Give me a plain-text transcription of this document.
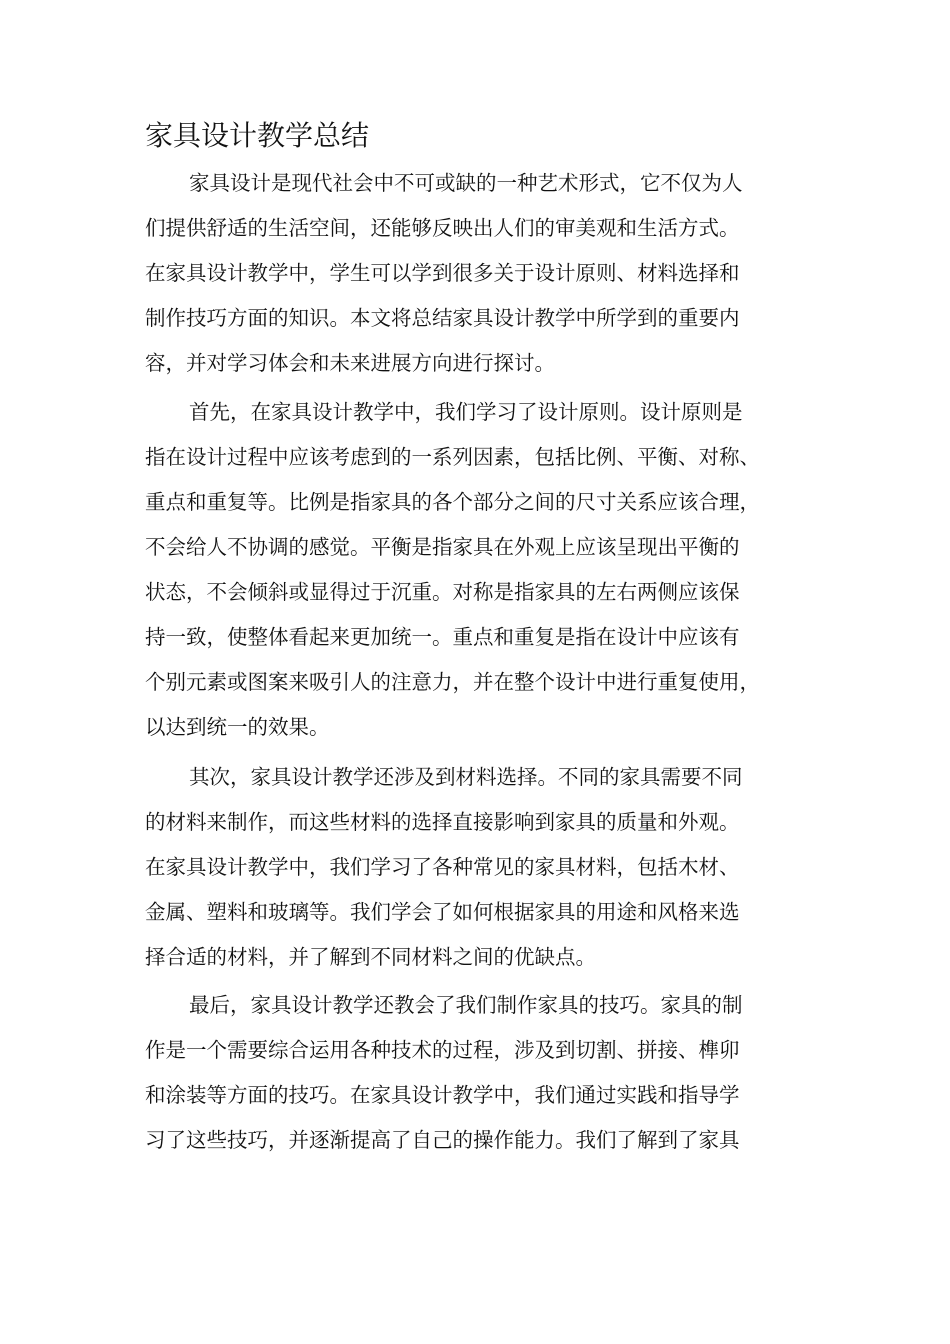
家具设计教学总结
家具设计是现代社会中不可或缺的一种艺术形式，它不仅为人
们提供舒适的生活空间，还能够反映出人们的审美观和生活方式。
在家具设计教学中，学生可以学到很多关于设计原则、材料选择和
制作技巧方面的知识。本文将总结家具设计教学中所学到的重要内
容，并对学习体会和未来进展方向进行探讨。
首先，在家具设计教学中，我们学习了设计原则。设计原则是
指在设计过程中应该考虑到的一系列因素，包括比例、平衡、对称、
重点和重复等。比例是指家具的各个部分之间的尺寸关系应该合理，
不会给人不协调的感觉。平衡是指家具在外观上应该呈现出平衡的
状态，不会倾斜或显得过于沉重。对称是指家具的左右两侧应该保
持一致，使整体看起来更加统一。重点和重复是指在设计中应该有
个别元素或图案来吸引人的注意力，并在整个设计中进行重复使用，
以达到统一的效果。
其次，家具设计教学还涉及到材料选择。不同的家具需要不同
的材料来制作，而这些材料的选择直接影响到家具的质量和外观。
在家具设计教学中，我们学习了各种常见的家具材料，包括木材、
金属、塑料和玻璃等。我们学会了如何根据家具的用途和风格来选
择合适的材料，并了解到不同材料之间的优缺点。
最后，家具设计教学还教会了我们制作家具的技巧。家具的制
作是一个需要综合运用各种技术的过程，涉及到切割、拼接、榫卯
和涂装等方面的技巧。在家具设计教学中，我们通过实践和指导学
习了这些技巧，并逐渐提高了自己的操作能力。我们了解到了家具
